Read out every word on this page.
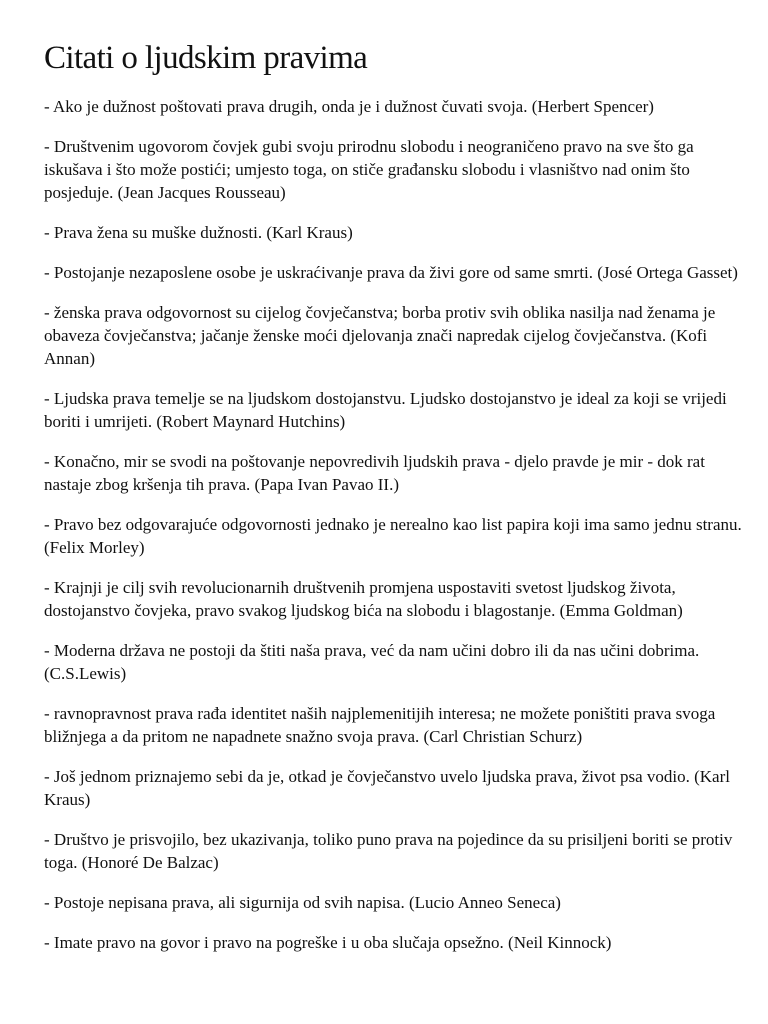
Citati o ljudskim pravima
- Ako je dužnost poštovati prava drugih, onda je i dužnost čuvati svoja. (Herbert Spencer)
- Društvenim ugovorom čovjek gubi svoju prirodnu slobodu i neograničeno pravo na sve što ga iskušava i što može postići; umjesto toga, on stiče građansku slobodu i vlasništvo nad onim što posjeduje. (Jean Jacques Rousseau)
- Prava žena su muške dužnosti. (Karl Kraus)
- Postojanje nezaposlene osobe je uskraćivanje prava da živi gore od same smrti. (José Ortega Gasset)
- ženska prava odgovornost su cijelog čovječanstva; borba protiv svih oblika nasilja nad ženama je obaveza čovječanstva; jačanje ženske moći djelovanja znači napredak cijelog čovječanstva. (Kofi Annan)
- Ljudska prava temelje se na ljudskom dostojanstvu. Ljudsko dostojanstvo je ideal za koji se vrijedi boriti i umrijeti. (Robert Maynard Hutchins)
- Konačno, mir se svodi na poštovanje nepovredivih ljudskih prava - djelo pravde je mir - dok rat nastaje zbog kršenja tih prava. (Papa Ivan Pavao II.)
- Pravo bez odgovarajuće odgovornosti jednako je nerealno kao list papira koji ima samo jednu stranu. (Felix Morley)
- Krajnji je cilj svih revolucionarnih društvenih promjena uspostaviti svetost ljudskog života, dostojanstvo čovjeka, pravo svakog ljudskog bića na slobodu i blagostanje. (Emma Goldman)
- Moderna država ne postoji da štiti naša prava, već da nam učini dobro ili da nas učini dobrima. (C.S.Lewis)
- ravnopravnost prava rađa identitet naših najplemenitijih interesa; ne možete poništiti prava svoga bližnjega a da pritom ne napadnete snažno svoja prava. (Carl Christian Schurz)
- Još jednom priznajemo sebi da je, otkad je čovječanstvo uvelo ljudska prava, život psa vodio. (Karl Kraus)
- Društvo je prisvojilo, bez ukazivanja, toliko puno prava na pojedince da su prisiljeni boriti se protiv toga. (Honoré De Balzac)
- Postoje nepisana prava, ali sigurnija od svih napisa. (Lucio Anneo Seneca)
- Imate pravo na govor i pravo na pogreške i u oba slučaja opsežno. (Neil Kinnock)
